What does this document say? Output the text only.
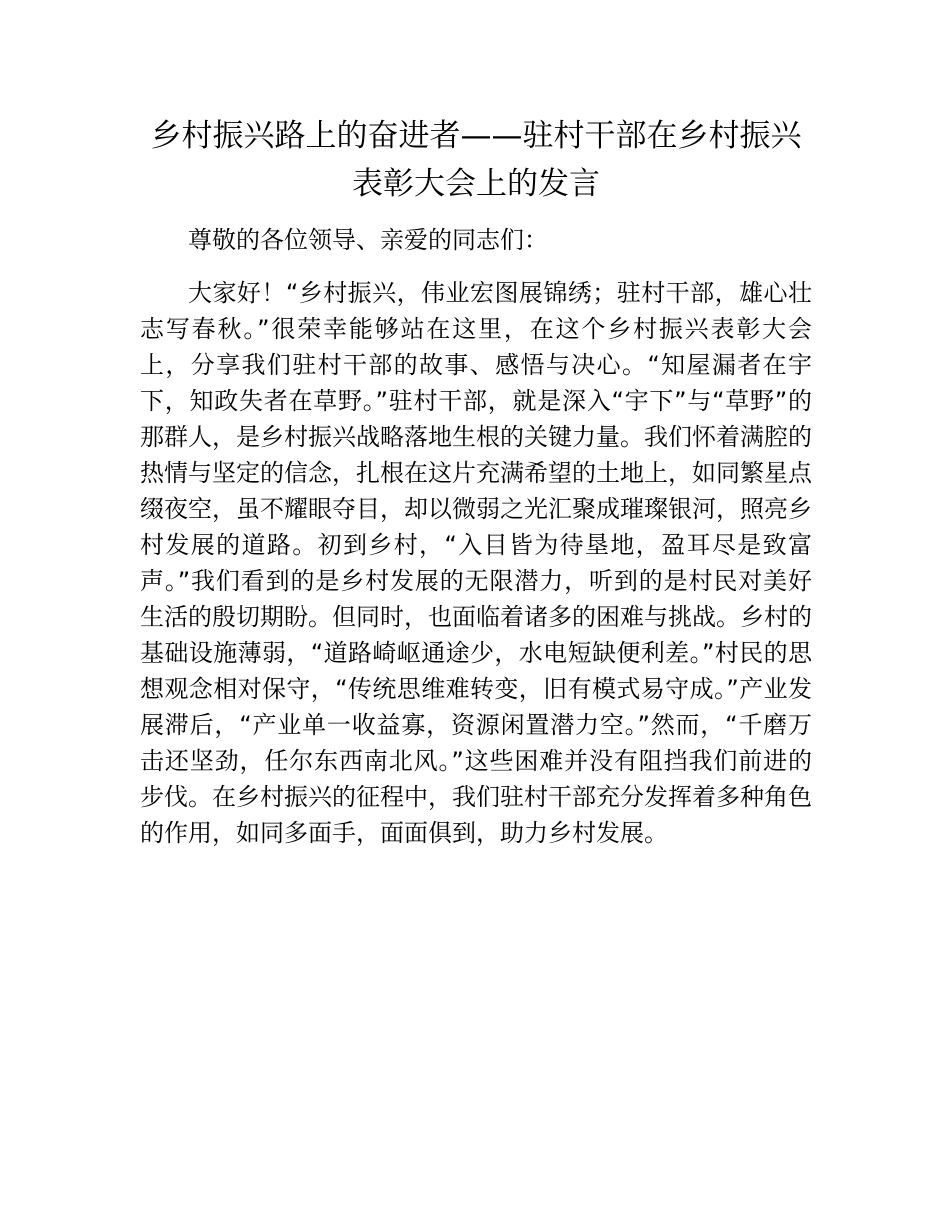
乡村振兴路上的奋进者——驻村干部在乡村振兴表彰大会上的发言

尊敬的各位领导、亲爱的同志们：

大家好！“乡村振兴，伟业宏图展锦绣；驻村干部，雄心壮志写春秋。”很荣幸能够站在这里，在这个乡村振兴表彰大会上，分享我们驻村干部的故事、感悟与决心。“知屋漏者在宇下，知政失者在草野。”驻村干部，就是深入“宇下”与“草野”的那群人，是乡村振兴战略落地生根的关键力量。我们怀着满腔的热情与坚定的信念，扎根在这片充满希望的土地上，如同繁星点缀夜空，虽不耀眼夺目，却以微弱之光汇聚成璀璨银河，照亮乡村发展的道路。初到乡村，“入目皆为待垦地，盈耳尽是致富声。”我们看到的是乡村发展的无限潜力，听到的是村民对美好生活的殷切期盼。但同时，也面临着诸多的困难与挑战。乡村的基础设施薄弱，“道路崎岖通途少，水电短缺便利差。”村民的思想观念相对保守，“传统思维难转变，旧有模式易守成。”产业发展滞后，“产业单一收益寡，资源闲置潜力空。”然而，“千磨万击还坚劲，任尔东西南北风。”这些困难并没有阻挡我们前进的步伐。在乡村振兴的征程中，我们驻村干部充分发挥着多种角色的作用，如同多面手，面面俱到，助力乡村发展。
